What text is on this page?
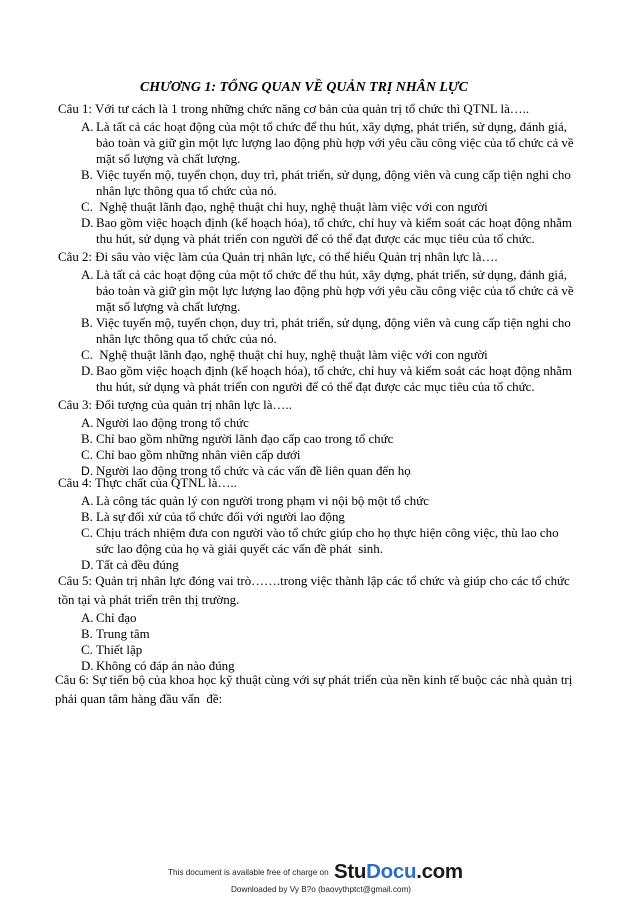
CHƯƠNG 1: TỔNG QUAN VỀ QUẢN TRỊ NHÂN LỰC
Câu 1: Với tư cách là 1 trong những chức năng cơ bản của quản trị tổ chức thì QTNL là…..
A. Là tất cả các hoạt động của một tổ chức để thu hút, xây dựng, phát triển, sử dụng, đánh giá,
bảo toàn và giữ gìn một lực lượng lao động phù hợp với yêu cầu công việc của tổ chức cả về
mặt số lượng và chất lượng.
B. Việc tuyển mộ, tuyển chọn, duy trì, phát triển, sử dụng, động viên và cung cấp tiện nghi cho
nhân lực thông qua tổ chức của nó.
C. Nghệ thuật lãnh đạo, nghệ thuật chỉ huy, nghệ thuật làm việc với con người
D. Bao gồm việc hoạch định (kế hoạch hóa), tổ chức, chỉ huy và kiểm soát các hoạt động nhằm
thu hút, sử dụng và phát triển con người để có thể đạt được các mục tiêu của tổ chức.
Câu 2: Đi sâu vào việc làm của Quản trị nhân lực, có thể hiểu Quản trị nhân lực là….
A. Là tất cả các hoạt động của một tổ chức để thu hút, xây dựng, phát triển, sử dụng, đánh giá,
bảo toàn và giữ gìn một lực lượng lao động phù hợp với yêu cầu công việc của tổ chức cả về
mặt số lượng và chất lượng.
B. Việc tuyển mộ, tuyển chọn, duy trì, phát triển, sử dụng, động viên và cung cấp tiện nghi cho
nhân lực thông qua tổ chức của nó.
C. Nghệ thuật lãnh đạo, nghệ thuật chỉ huy, nghệ thuật làm việc với con người
D. Bao gồm việc hoạch định (kế hoạch hóa), tổ chức, chỉ huy và kiểm soát các hoạt động nhằm
thu hút, sử dụng và phát triển con người để có thể đạt được các mục tiêu của tổ chức.
Câu 3: Đối tượng của quản trị nhân lực là…..
A. Người lao động trong tổ chức
B. Chỉ bao gồm những người lãnh đạo cấp cao trong tổ chức
C. Chỉ bao gồm những nhân viên cấp dưới
D. Người lao động trong tổ chức và các vấn đề liên quan đến họ
Câu 4: Thực chất của QTNL là…..
A. Là công tác quản lý con người trong phạm vi nội bộ một tổ chức
B. Là sự đối xử của tổ chức đối với người lao động
C. Chịu trách nhiệm đưa con người vào tổ chức giúp cho họ thực hiện công việc, thù lao cho
sức lao động của họ và giải quyết các vấn đề phát  sinh.
D. Tất cả đều đúng
Câu 5: Quản trị nhân lực đóng vai trò…….trong việc thành lập các tổ chức và giúp cho các tổ chức
tồn tại và phát triển trên thị trường.
A. Chỉ đạo
B. Trung tâm
C. Thiết lập
D. Không có đáp án nào đúng
Câu 6: Sự tiến bộ của khoa học kỹ thuật cùng với sự phát triển của nền kinh tế buộc các nhà quản trị
phải quan tâm hàng đầu vấn  đề:
This document is available free of charge on StuDocu.com
Downloaded by Vy B?o (baovythptct@gmail.com)
